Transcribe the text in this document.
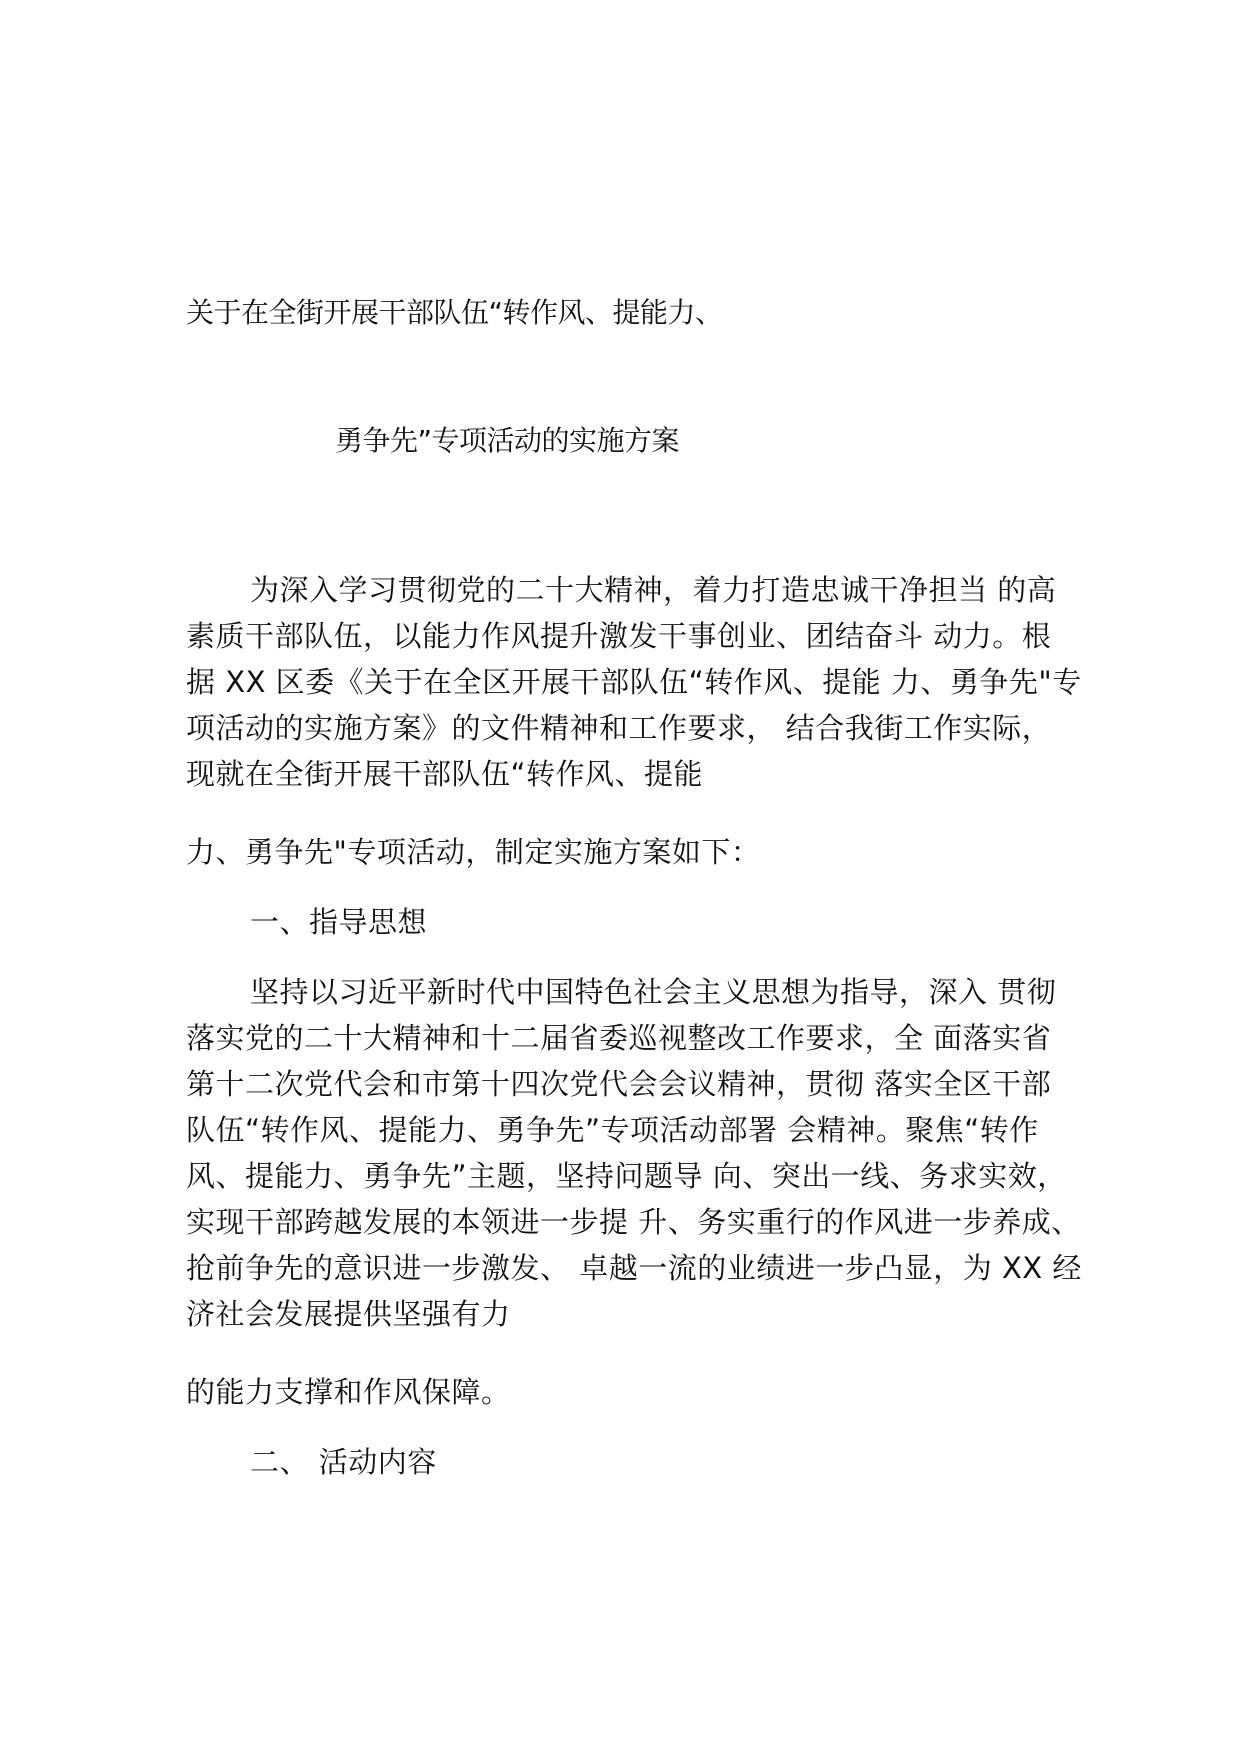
关于在全街开展干部队伍“转作风、提能力、
勇争先”专项活动的实施方案
为深入学习贯彻党的二十大精神，着力打造忠诚干净担当 的高
素质干部队伍，以能力作风提升激发干事创业、团结奋斗 动力。根
据 XX 区委《关于在全区开展干部队伍“转作风、提能 力、勇争先"专
项活动的实施方案》的文件精神和工作要求， 结合我街工作实际，
现就在全街开展干部队伍“转作风、提能
力、勇争先"专项活动，制定实施方案如下：
一、指导思想
坚持以习近平新时代中国特色社会主义思想为指导，深入 贯彻
落实党的二十大精神和十二届省委巡视整改工作要求，全 面落实省
第十二次党代会和市第十四次党代会会议精神，贯彻 落实全区干部
队伍“转作风、提能力、勇争先”专项活动部署 会精神。聚焦“转作
风、提能力、勇争先”主题，坚持问题导 向、突出一线、务求实效，
实现干部跨越发展的本领进一步提 升、务实重行的作风进一步养成、
抢前争先的意识进一步激发、 卓越一流的业绩进一步凸显，为 XX 经
济社会发展提供坚强有力
的能力支撑和作风保障。
二、 活动内容
